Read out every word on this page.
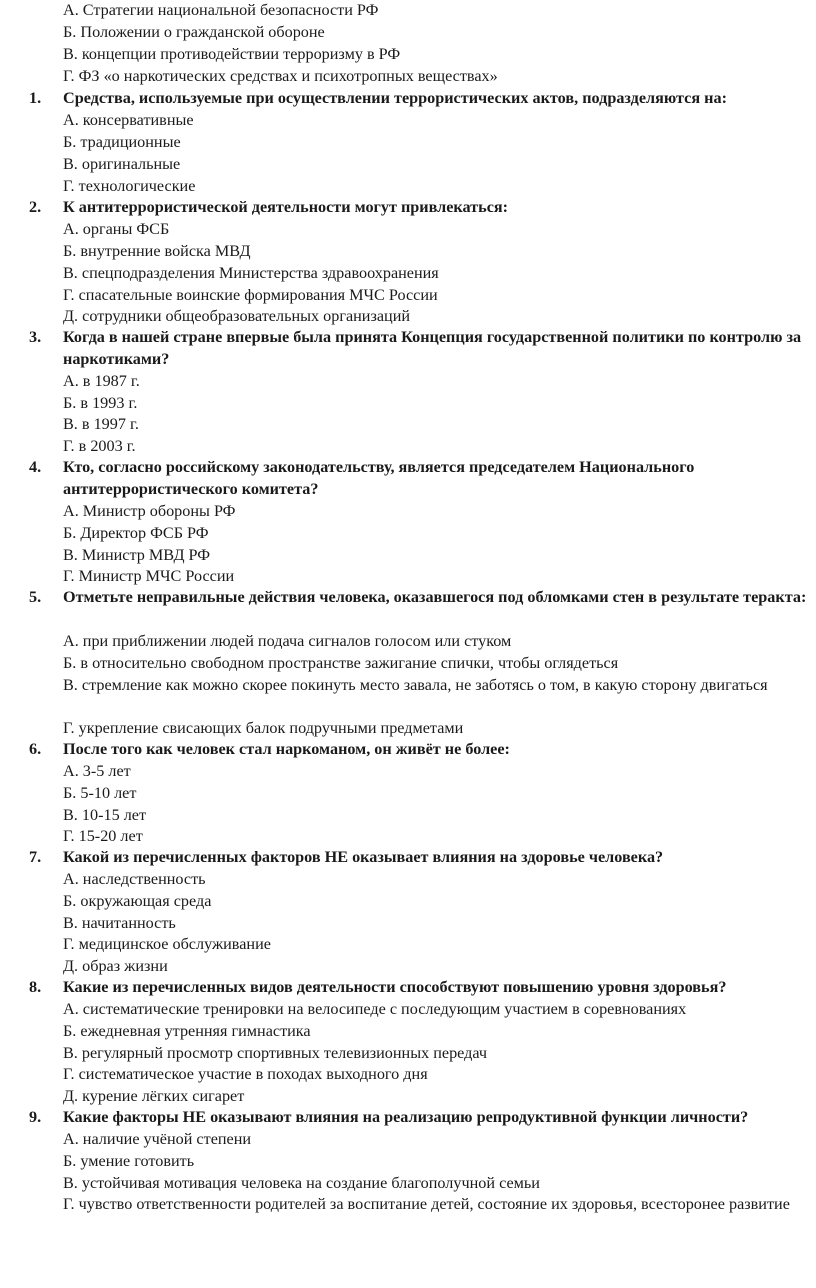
А. Стратегии национальной безопасности РФ
Б. Положении о гражданской обороне
В. концепции противодействии терроризму в РФ
Г. ФЗ «о наркотических средствах и психотропных веществах»
1.	Средства, используемые при осуществлении террористических актов, подразделяются на:
А. консервативные
Б. традиционные
В. оригинальные
Г. технологические
2.	К антитеррористической деятельности могут привлекаться:
А. органы ФСБ
Б. внутренние войска МВД
В. спецподразделения Министерства здравоохранения
Г. спасательные воинские формирования МЧС России
Д. сотрудники общеобразовательных организаций
3.	Когда в нашей стране впервые была принята Концепция государственной политики по контролю за наркотиками?
А. в 1987 г.
Б. в 1993 г.
В. в 1997 г.
Г. в 2003 г.
4.	Кто, согласно российскому законодательству, является председателем Национального антитеррористического комитета?
А. Министр обороны РФ
Б. Директор ФСБ РФ
В. Министр МВД РФ
Г. Министр МЧС России
5.	Отметьте неправильные действия человека, оказавшегося под обломками стен в результате теракта:
А. при приближении людей подача сигналов голосом или стуком
Б. в относительно свободном пространстве зажигание спички, чтобы оглядеться
В. стремление как можно скорее покинуть место завала, не заботясь о том, в какую сторону двигаться
Г. укрепление свисающих балок подручными предметами
6.	После того как человек стал наркоманом, он живёт не более:
А. 3-5 лет
Б. 5-10 лет
В. 10-15 лет
Г. 15-20 лет
7.	Какой из перечисленных факторов НЕ оказывает влияния на здоровье человека?
А. наследственность
Б. окружающая среда
В. начитанность
Г. медицинское обслуживание
Д. образ жизни
8.	Какие из перечисленных видов деятельности способствуют повышению уровня здоровья?
А. систематические тренировки на велосипеде с последующим участием в соревнованиях
Б. ежедневная утренняя гимнастика
В. регулярный просмотр спортивных телевизионных передач
Г. систематическое участие в походах выходного дня
Д. курение лёгких сигарет
9.	Какие факторы НЕ оказывают влияния на реализацию репродуктивной функции личности?
А. наличие учёной степени
Б. умение готовить
В. устойчивая мотивация человека на создание благополучной семьи
Г. чувство ответственности родителей за воспитание детей, состояние их здоровья, всесторонее развитие
